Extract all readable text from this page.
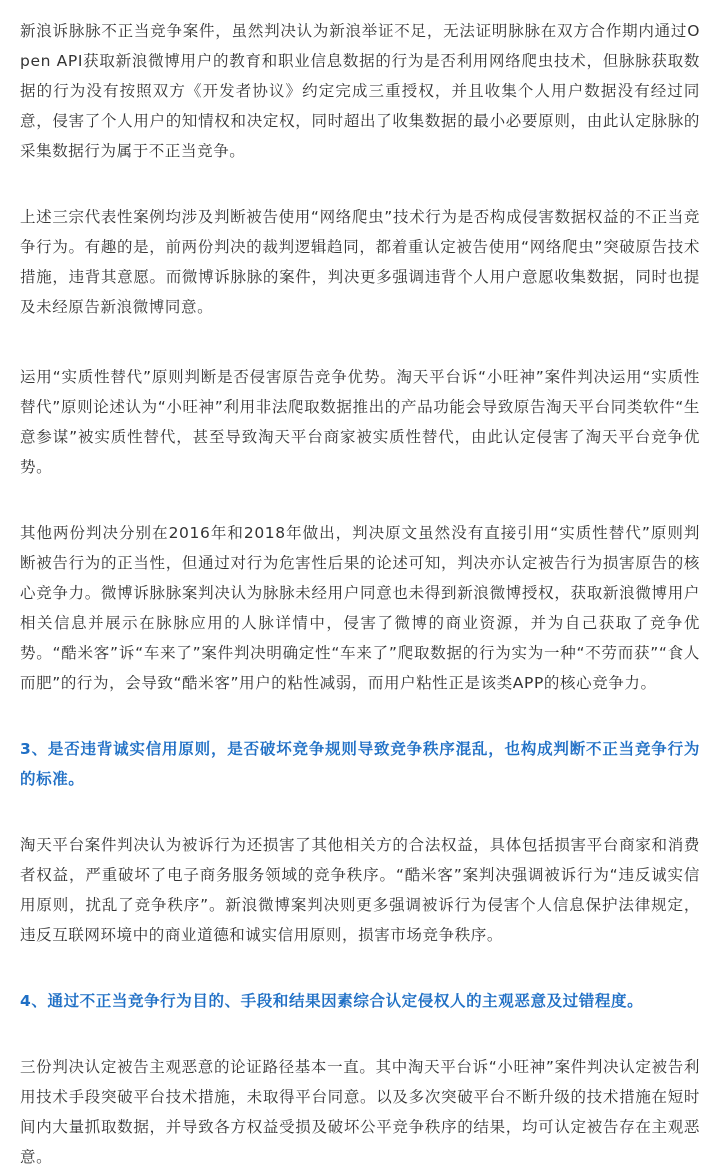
新浪诉脉脉不正当竞争案件，虽然判决认为新浪举证不足，无法证明脉脉在双方合作期内通过Open API获取新浪微博用户的教育和职业信息数据的行为是否利用网络爬虫技术，但脉脉获取数据的行为没有按照双方《开发者协议》约定完成三重授权，并且收集个人用户数据没有经过同意，侵害了个人用户的知情权和决定权，同时超出了收集数据的最小必要原则，由此认定脉脉的采集数据行为属于不正当竞争。

上述三宗代表性案例均涉及判断被告使用“网络爬虫”技术行为是否构成侵害数据权益的不正当竞争行为。有趣的是，前两份判决的裁判逻辑趋同，都着重认定被告使用“网络爬虫”突破原告技术措施，违背其意愿。而微博诉脉脉的案件，判决更多强调违背个人用户意愿收集数据，同时也提及未经原告新浪微博同意。

运用“实质性替代”原则判断是否侵害原告竞争优势。淘天平台诉“小旺神”案件判决运用“实质性替代”原则论述认为“小旺神”利用非法爬取数据推出的产品功能会导致原告淘天平台同类软件“生意参谋”被实质性替代，甚至导致淘天平台商家被实质性替代，由此认定侵害了淘天平台竞争优势。

其他两份判决分别在2016年和2018年做出，判决原文虽然没有直接引用“实质性替代”原则判断被告行为的正当性，但通过对行为危害性后果的论述可知，判决亦认定被告行为损害原告的核心竞争力。微博诉脉脉案判决认为脉脉未经用户同意也未得到新浪微博授权，获取新浪微博用户相关信息并展示在脉脉应用的人脉详情中，侵害了微博的商业资源，并为自己获取了竞争优势。“酷米客”诉“车来了”案件判决明确定性“车来了”爬取数据的行为实为一种“不劳而获”“食人而肥”的行为，会导致“酷米客”用户的粘性减弱，而用户粘性正是该类APP的核心竞争力。

3、是否违背诚实信用原则，是否破坏竞争规则导致竞争秩序混乱，也构成判断不正当竞争行为的标准。

淘天平台案件判决认为被诉行为还损害了其他相关方的合法权益，具体包括损害平台商家和消费者权益，严重破坏了电子商务服务领域的竞争秩序。“酷米客”案判决强调被诉行为“违反诚实信用原则，扰乱了竞争秩序”。新浪微博案判决则更多强调被诉行为侵害个人信息保护法律规定，违反互联网环境中的商业道德和诚实信用原则，损害市场竞争秩序。

4、通过不正当竞争行为目的、手段和结果因素综合认定侵权人的主观恶意及过错程度。

三份判决认定被告主观恶意的论证路径基本一直。其中淘天平台诉“小旺神”案件判决认定被告利用技术手段突破平台技术措施，未取得平台同意。以及多次突破平台不断升级的技术措施在短时间内大量抓取数据，并导致各方权益受损及破坏公平竞争秩序的结果，均可认定被告存在主观恶意。
